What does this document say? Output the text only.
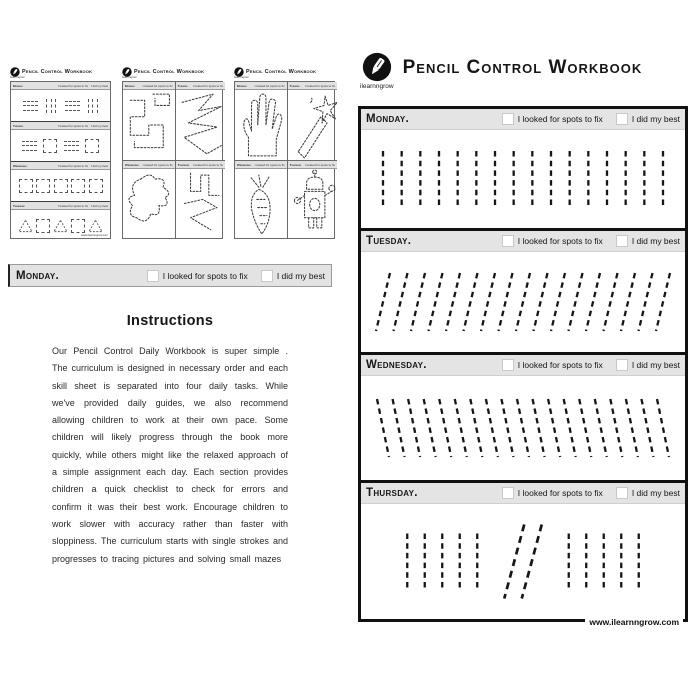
Pencil Control Workbook
ilearnngrow
Monday.	I looked for spots to fix I did my best
Tuesday.	I looked for spots to fix I did my best
Wednesday.	I looked for spots to fix I did my best
Thursday.	I looked for spots to fix I did my best
www.ilearnngrow.com
Pencil Control Workbook
ilearnngrow
Monday. I looked for spots to fix Tuesday. I looked for spots to fix
Wednesday. I looked for spots to fix Thursday. I looked for spots to fix
Pencil Control Workbook
ilearnngrow
Monday. I looked for spots to fix Tuesday. I looked for spots to fix
Wednesday. I looked for spots to fix Thursday. I looked for spots to fix
Monday.	I looked for spots to fix	I did my best
Instructions
Our Pencil Control Daily Workbook is super simple . The curriculum is designed in necessary order and each skill sheet is separated into four daily tasks. While we've provided daily guides, we also recommend allowing children to work at their own pace. Some children will likely progress through the book more quickly, while others might like the relaxed approach of a simple assignment each day. Each section provides children a quick checklist to check for errors and confirm it was their best work. Encourage children to work slower with accuracy rather than faster with sloppiness. The curriculum starts with single strokes and progresses to tracing pictures and solving small mazes
ilearnngrow
Pencil Control Workbook
Monday.	I looked for spots to fix	I did my best
Tuesday.	I looked for spots to fix	I did my best
Wednesday.	I looked for spots to fix	I did my best
Thursday.	I looked for spots to fix	I did my best
www.ilearnngrow.com
